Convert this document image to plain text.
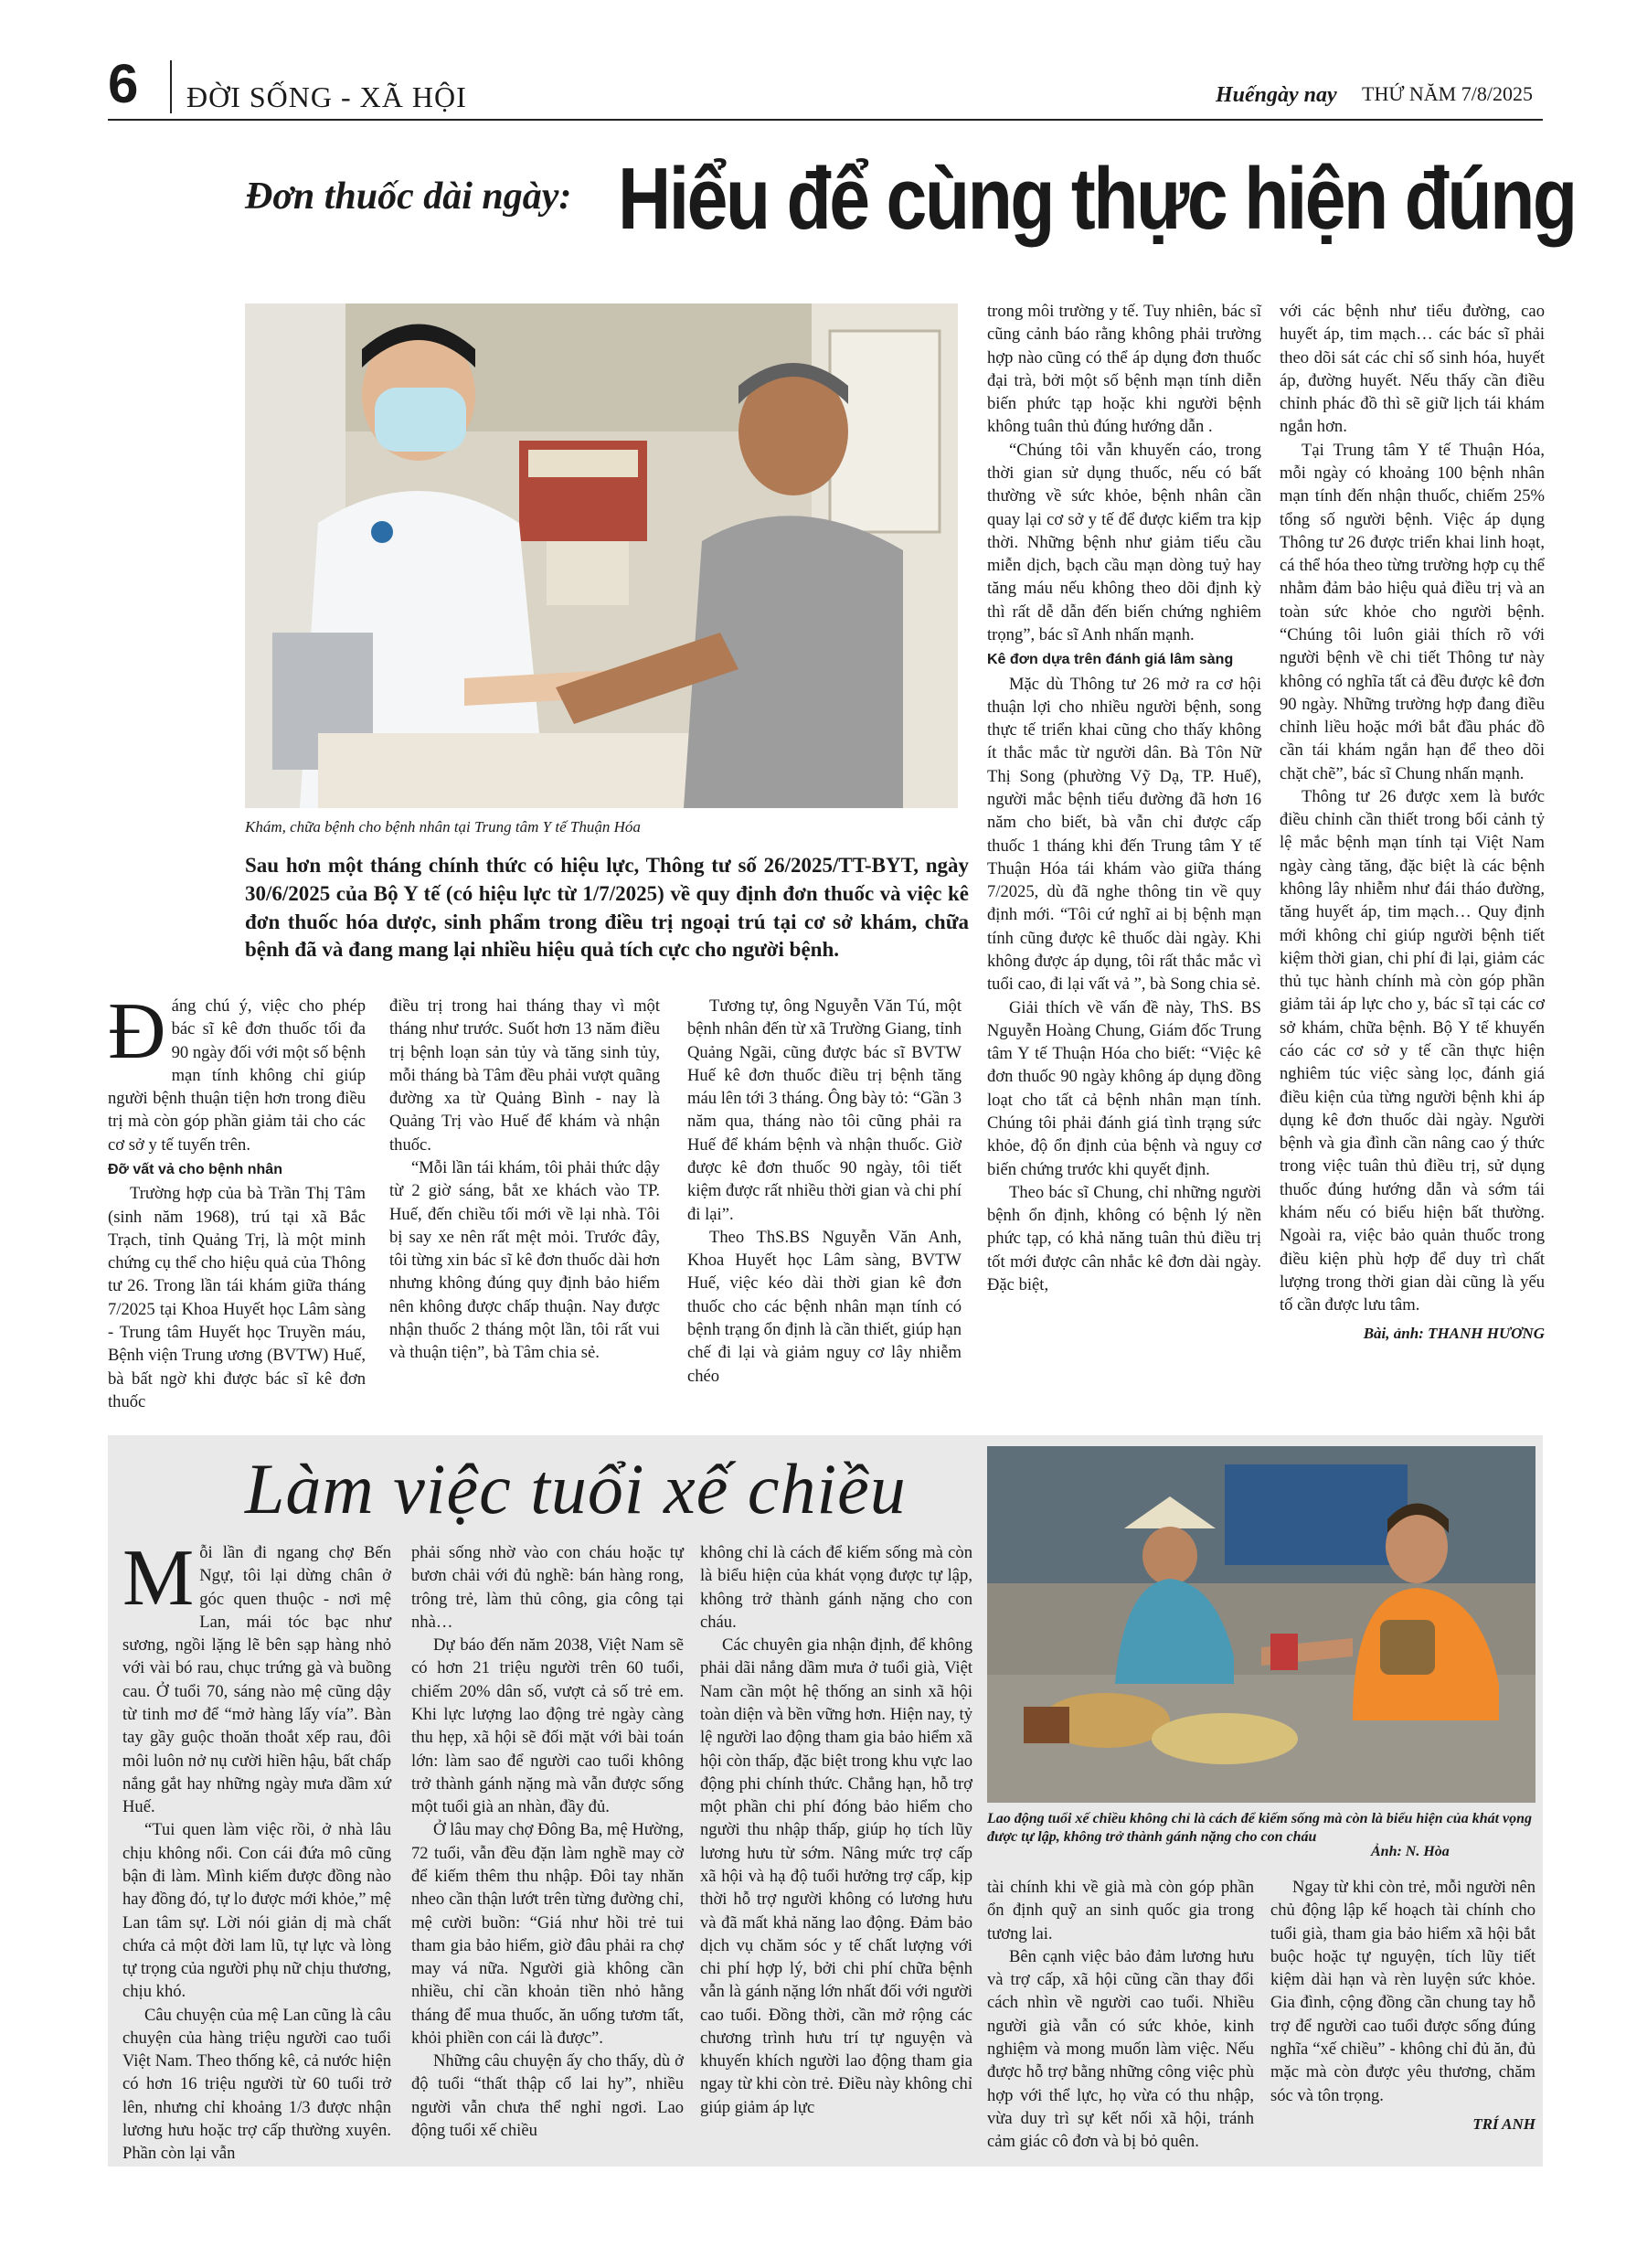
6 ĐỜI SỐNG - XÃ HỘI	Huếngày nay THỨ NĂM 7/8/2025
Đơn thuốc dài ngày: Hiểu để cùng thực hiện đúng
Khám, chữa bệnh cho bệnh nhân tại Trung tâm Y tế Thuận Hóa
Sau hơn một tháng chính thức có hiệu lực, Thông tư số 26/2025/TT-BYT, ngày 30/6/2025 của Bộ Y tế (có hiệu lực từ 1/7/2025) về quy định đơn thuốc và việc kê đơn thuốc hóa dược, sinh phẩm trong điều trị ngoại trú tại cơ sở khám, chữa bệnh đã và đang mang lại nhiều hiệu quả tích cực cho người bệnh.

Đáng chú ý, việc cho phép bác sĩ kê đơn thuốc tối đa 90 ngày đối với một số bệnh mạn tính không chỉ giúp người bệnh thuận tiện hơn trong điều trị mà còn góp phần giảm tải cho các cơ sở y tế tuyến trên.

Đỡ vất vả cho bệnh nhân

Trường hợp của bà Trần Thị Tâm (sinh năm 1968), trú tại xã Bắc Trạch, tỉnh Quảng Trị, là một minh chứng cụ thể cho hiệu quả của Thông tư 26. Trong lần tái khám giữa tháng 7/2025 tại Khoa Huyết học Lâm sàng - Trung tâm Huyết học Truyền máu, Bệnh viện Trung ương (BVTW) Huế, bà bất ngờ khi được bác sĩ kê đơn thuốc

điều trị trong hai tháng thay vì một tháng như trước. Suốt hơn 13 năm điều trị bệnh loạn sản tủy và tăng sinh tủy, mỗi tháng bà Tâm đều phải vượt quãng đường xa từ Quảng Bình - nay là Quảng Trị vào Huế để khám và nhận thuốc.

“Mỗi lần tái khám, tôi phải thức dậy từ 2 giờ sáng, bắt xe khách vào TP. Huế, đến chiều tối mới về lại nhà. Tôi bị say xe nên rất mệt mỏi. Trước đây, tôi từng xin bác sĩ kê đơn thuốc dài hơn nhưng không đúng quy định bảo hiểm nên không được chấp thuận. Nay được nhận thuốc 2 tháng một lần, tôi rất vui và thuận tiện”, bà Tâm chia sẻ.

Tương tự, ông Nguyễn Văn Tú, một bệnh nhân đến từ xã Trường Giang, tỉnh Quảng Ngãi, cũng được bác sĩ BVTW Huế kê đơn thuốc điều trị bệnh tăng máu lên tới 3 tháng. Ông bày tỏ: “Gần 3 năm qua, tháng nào tôi cũng phải ra Huế để khám bệnh và nhận thuốc. Giờ được kê đơn thuốc 90 ngày, tôi tiết kiệm được rất nhiều thời gian và chi phí đi lại”.

Theo ThS.BS Nguyễn Văn Anh, Khoa Huyết học Lâm sàng, BVTW Huế, việc kéo dài thời gian kê đơn thuốc cho các bệnh nhân mạn tính có bệnh trạng ổn định là cần thiết, giúp hạn chế đi lại và giảm nguy cơ lây nhiễm chéo

trong môi trường y tế. Tuy nhiên, bác sĩ cũng cảnh báo rằng không phải trường hợp nào cũng có thể áp dụng đơn thuốc đại trà, bởi một số bệnh mạn tính diễn biến phức tạp hoặc khi người bệnh không tuân thủ đúng hướng dẫn .

“Chúng tôi vẫn khuyến cáo, trong thời gian sử dụng thuốc, nếu có bất thường về sức khỏe, bệnh nhân cần quay lại cơ sở y tế để được kiểm tra kịp thời. Những bệnh như giảm tiểu cầu miễn dịch, bạch cầu mạn dòng tuỷ hay tăng máu nếu không theo dõi định kỳ thì rất dễ dẫn đến biến chứng nghiêm trọng”, bác sĩ Anh nhấn mạnh.

Kê đơn dựa trên đánh giá lâm sàng

Mặc dù Thông tư 26 mở ra cơ hội thuận lợi cho nhiều người bệnh, song thực tế triển khai cũng cho thấy không ít thắc mắc từ người dân. Bà Tôn Nữ Thị Song (phường Vỹ Dạ, TP. Huế), người mắc bệnh tiểu đường đã hơn 16 năm cho biết, bà vẫn chỉ được cấp thuốc 1 tháng khi đến Trung tâm Y tế Thuận Hóa tái khám vào giữa tháng 7/2025, dù đã nghe thông tin về quy định mới. “Tôi cứ nghĩ ai bị bệnh mạn tính cũng được kê thuốc dài ngày. Khi không được áp dụng, tôi rất thắc mắc vì tuổi cao, đi lại vất vả ”, bà Song chia sẻ.

Giải thích về vấn đề này, ThS. BS Nguyễn Hoàng Chung, Giám đốc Trung tâm Y tế Thuận Hóa cho biết: “Việc kê đơn thuốc 90 ngày không áp dụng đồng loạt cho tất cả bệnh nhân mạn tính. Chúng tôi phải đánh giá tình trạng sức khỏe, độ ổn định của bệnh và nguy cơ biến chứng trước khi quyết định.

Theo bác sĩ Chung, chỉ những người bệnh ổn định, không có bệnh lý nền phức tạp, có khả năng tuân thủ điều trị tốt mới được cân nhắc kê đơn dài ngày. Đặc biệt,

với các bệnh như tiểu đường, cao huyết áp, tim mạch… các bác sĩ phải theo dõi sát các chỉ số sinh hóa, huyết áp, đường huyết. Nếu thấy cần điều chỉnh phác đồ thì sẽ giữ lịch tái khám ngắn hơn.

Tại Trung tâm Y tế Thuận Hóa, mỗi ngày có khoảng 100 bệnh nhân mạn tính đến nhận thuốc, chiếm 25% tổng số người bệnh. Việc áp dụng Thông tư 26 được triển khai linh hoạt, cá thể hóa theo từng trường hợp cụ thể nhằm đảm bảo hiệu quả điều trị và an toàn sức khỏe cho người bệnh. “Chúng tôi luôn giải thích rõ với người bệnh về chi tiết Thông tư này không có nghĩa tất cả đều được kê đơn 90 ngày. Những trường hợp đang điều chỉnh liều hoặc mới bắt đầu phác đồ cần tái khám ngắn hạn để theo dõi chặt chẽ”, bác sĩ Chung nhấn mạnh.

Thông tư 26 được xem là bước điều chỉnh cần thiết trong bối cảnh tỷ lệ mắc bệnh mạn tính tại Việt Nam ngày càng tăng, đặc biệt là các bệnh không lây nhiễm như đái tháo đường, tăng huyết áp, tim mạch… Quy định mới không chỉ giúp người bệnh tiết kiệm thời gian, chi phí đi lại, giảm các thủ tục hành chính mà còn góp phần giảm tải áp lực cho y, bác sĩ tại các cơ sở khám, chữa bệnh. Bộ Y tế khuyến cáo các cơ sở y tế cần thực hiện nghiêm túc việc sàng lọc, đánh giá điều kiện của từng người bệnh khi áp dụng kê đơn thuốc dài ngày. Người bệnh và gia đình cần nâng cao ý thức trong việc tuân thủ điều trị, sử dụng thuốc đúng hướng dẫn và sớm tái khám nếu có biểu hiện bất thường. Ngoài ra, việc bảo quản thuốc trong điều kiện phù hợp để duy trì chất lượng trong thời gian dài cũng là yếu tố cần được lưu tâm.

Bài, ảnh: THANH HƯƠNG
Làm việc tuổi xế chiều
Lao động tuổi xế chiều không chỉ là cách để kiếm sống mà còn là biểu hiện của khát vọng được tự lập, không trở thành gánh nặng cho con cháu
Ảnh: N. Hòa

Mỗi lần đi ngang chợ Bến Ngự, tôi lại dừng chân ở góc quen thuộc - nơi mệ Lan, mái tóc bạc như sương, ngồi lặng lẽ bên sạp hàng nhỏ với vài bó rau, chục trứng gà và buồng cau. Ở tuổi 70, sáng nào mệ cũng dậy từ tinh mơ để “mở hàng lấy vía”. Bàn tay gầy guộc thoăn thoắt xếp rau, đôi môi luôn nở nụ cười hiền hậu, bất chấp nắng gắt hay những ngày mưa dầm xứ Huế.

“Tui quen làm việc rồi, ở nhà lâu chịu không nổi. Con cái đứa mô cũng bận đi làm. Mình kiếm được đồng nào hay đồng đó, tự lo được mới khỏe,” mệ Lan tâm sự. Lời nói giản dị mà chất chứa cả một đời lam lũ, tự lực và lòng tự trọng của người phụ nữ chịu thương, chịu khó.

Câu chuyện của mệ Lan cũng là câu chuyện của hàng triệu người cao tuổi Việt Nam. Theo thống kê, cả nước hiện có hơn 16 triệu người từ 60 tuổi trở lên, nhưng chỉ khoảng 1/3 được nhận lương hưu hoặc trợ cấp thường xuyên. Phần còn lại vẫn

phải sống nhờ vào con cháu hoặc tự bươn chải với đủ nghề: bán hàng rong, trông trẻ, làm thủ công, gia công tại nhà…

Dự báo đến năm 2038, Việt Nam sẽ có hơn 21 triệu người trên 60 tuổi, chiếm 20% dân số, vượt cả số trẻ em. Khi lực lượng lao động trẻ ngày càng thu hẹp, xã hội sẽ đối mặt với bài toán lớn: làm sao để người cao tuổi không trở thành gánh nặng mà vẫn được sống một tuổi già an nhàn, đầy đủ.

Ở lâu may chợ Đông Ba, mệ Hường, 72 tuổi, vẫn đều đặn làm nghề may cờ để kiếm thêm thu nhập. Đôi tay nhăn nheo cần thận lướt trên từng đường chỉ, mệ cười buồn: “Giá như hồi trẻ tui tham gia bảo hiểm, giờ đâu phải ra chợ may vá nữa. Người già không cần nhiều, chỉ cần khoản tiền nhỏ hằng tháng để mua thuốc, ăn uống tươm tất, khỏi phiền con cái là được”.

Những câu chuyện ấy cho thấy, dù ở độ tuổi “thất thập cổ lai hy”, nhiều người vẫn chưa thể nghỉ ngơi. Lao động tuổi xế chiều

không chỉ là cách để kiếm sống mà còn là biểu hiện của khát vọng được tự lập, không trở thành gánh nặng cho con cháu.

Các chuyên gia nhận định, để không phải dãi nắng dầm mưa ở tuổi già, Việt Nam cần một hệ thống an sinh xã hội toàn diện và bền vững hơn. Hiện nay, tỷ lệ người lao động tham gia bảo hiểm xã hội còn thấp, đặc biệt trong khu vực lao động phi chính thức. Chẳng hạn, hỗ trợ một phần chi phí đóng bảo hiểm cho người thu nhập thấp, giúp họ tích lũy lương hưu từ sớm. Nâng mức trợ cấp xã hội và hạ độ tuổi hưởng trợ cấp, kịp thời hỗ trợ người không có lương hưu và đã mất khả năng lao động. Đảm bảo dịch vụ chăm sóc y tế chất lượng với chi phí hợp lý, bởi chi phí chữa bệnh vẫn là gánh nặng lớn nhất đối với người cao tuổi. Đồng thời, cần mở rộng các chương trình hưu trí tự nguyện và khuyến khích người lao động tham gia ngay từ khi còn trẻ. Điều này không chỉ giúp giảm áp lực

tài chính khi về già mà còn góp phần ổn định quỹ an sinh quốc gia trong tương lai.

Bên cạnh việc bảo đảm lương hưu và trợ cấp, xã hội cũng cần thay đổi cách nhìn về người cao tuổi. Nhiều người già vẫn có sức khỏe, kinh nghiệm và mong muốn làm việc. Nếu được hỗ trợ bằng những công việc phù hợp với thể lực, họ vừa có thu nhập, vừa duy trì sự kết nối xã hội, tránh cảm giác cô đơn và bị bỏ quên.

Ngay từ khi còn trẻ, mỗi người nên chủ động lập kế hoạch tài chính cho tuổi già, tham gia bảo hiểm xã hội bắt buộc hoặc tự nguyện, tích lũy tiết kiệm dài hạn và rèn luyện sức khỏe. Gia đình, cộng đồng cần chung tay hỗ trợ để người cao tuổi được sống đúng nghĩa “xế chiều” - không chỉ đủ ăn, đủ mặc mà còn được yêu thương, chăm sóc và tôn trọng.

TRÍ ANH
